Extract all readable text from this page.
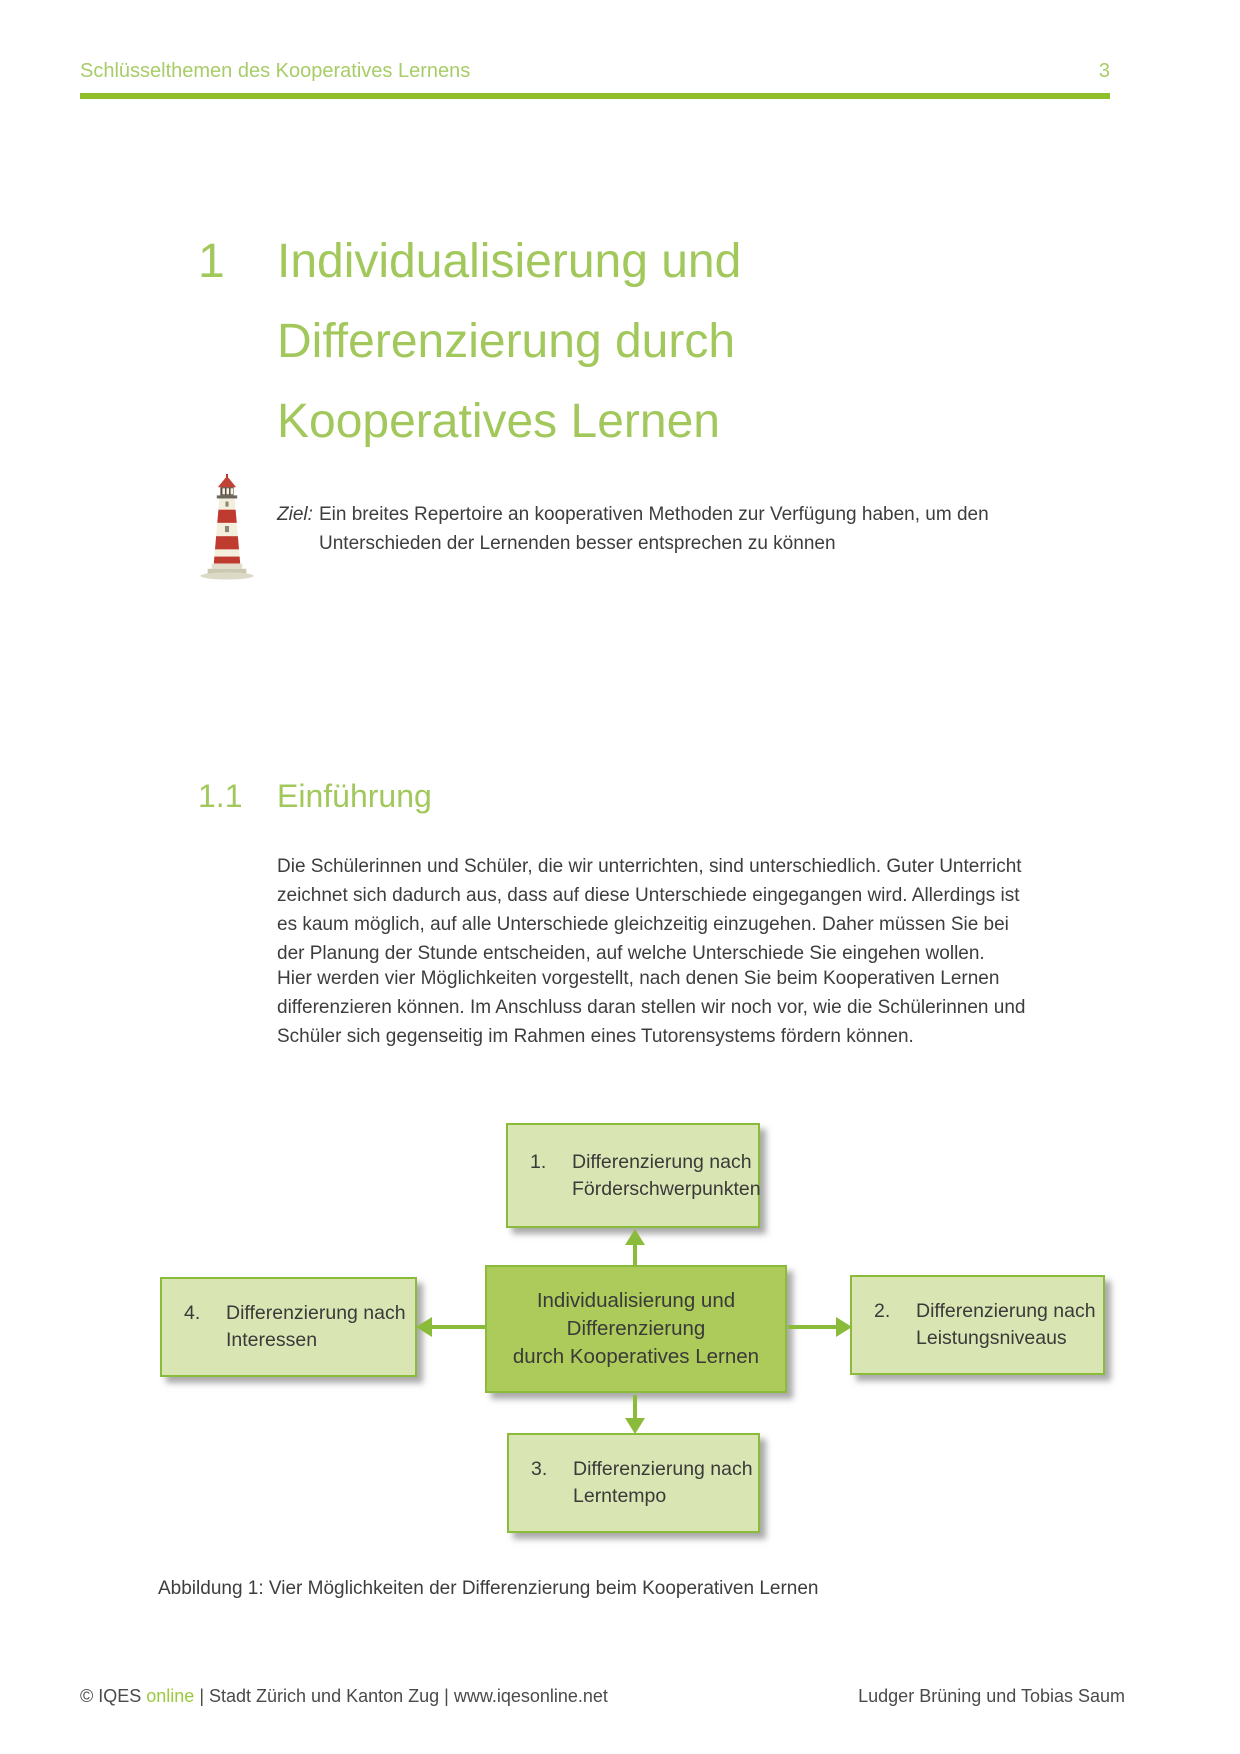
Schlüsselthemen des Kooperatives Lernens	3
1	Individualisierung und
Differenzierung durch
Kooperatives Lernen
Ziel: Ein breites Repertoire an kooperativen Methoden zur Verfügung haben, um den
Unterschieden der Lernenden besser entsprechen zu können
1.1	Einführung
Die Schülerinnen und Schüler, die wir unterrichten, sind unterschiedlich. Guter Unterricht
zeichnet sich dadurch aus, dass auf diese Unterschiede eingegangen wird. Allerdings ist
es kaum möglich, auf alle Unterschiede gleichzeitig einzugehen. Daher müssen Sie bei
der Planung der Stunde entscheiden, auf welche Unterschiede Sie eingehen wollen.
Hier werden vier Möglichkeiten vorgestellt, nach denen Sie beim Kooperativen Lernen
differenzieren können. Im Anschluss daran stellen wir noch vor, wie die Schülerinnen und
Schüler sich gegenseitig im Rahmen eines Tutorensystems fördern können.
1.	Differenzierung nach
Förderschwerpunkten
4.	Differenzierung nach
Interessen
Individualisierung und
Differenzierung
durch Kooperatives Lernen
2.	Differenzierung nach
Leistungsniveaus
3.	Differenzierung nach
Lerntempo
Abbildung 1: Vier Möglichkeiten der Differenzierung beim Kooperativen Lernen
© IQES online | Stadt Zürich und Kanton Zug | www.iqesonline.net	Ludger Brüning und Tobias Saum
